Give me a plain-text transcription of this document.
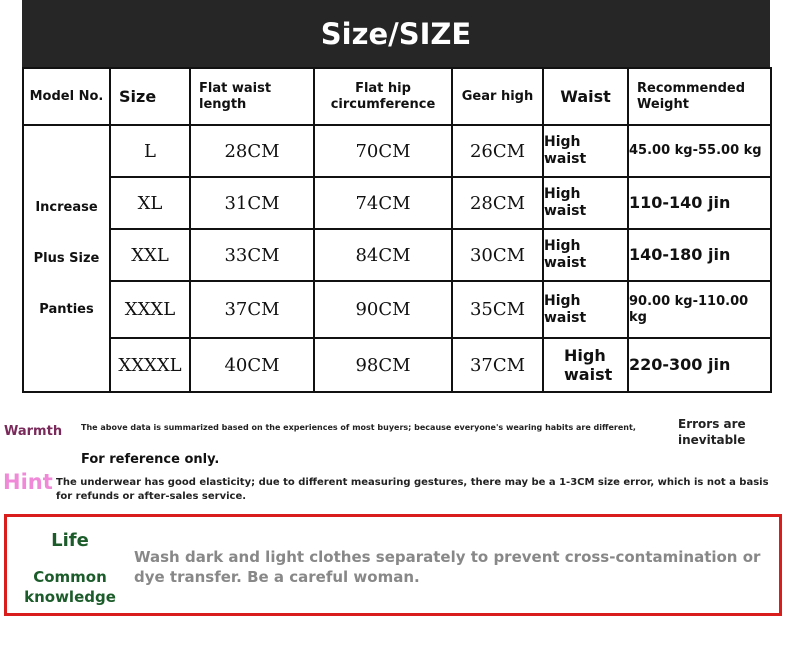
Size/SIZE
Model No.	Size	Flat waist length	Flat hip circumference	Gear high	Waist	Recommended Weight

Increase
Plus Size
Panties	L	28CM	70CM	26CM	High waist	45.00 kg-55.00 kg
	XL	31CM	74CM	28CM	High waist	110-140 jin
	XXL	33CM	84CM	30CM	High waist	140-180 jin
	XXXL	37CM	90CM	35CM	High waist	90.00 kg-110.00 kg
	XXXXL	40CM	98CM	37CM	High waist	220-300 jin
Warmth The above data is summarized based on the experiences of most buyers; because everyone's wearing habits are different,	Errors are inevitable
For reference only.
Hint The underwear has good elasticity; due to different measuring gestures, there may be a 1-3CM size error, which is not a basis for refunds or after-sales service.
Life
Common knowledge
Wash dark and light clothes separately to prevent cross-contamination or dye transfer. Be a careful woman.
